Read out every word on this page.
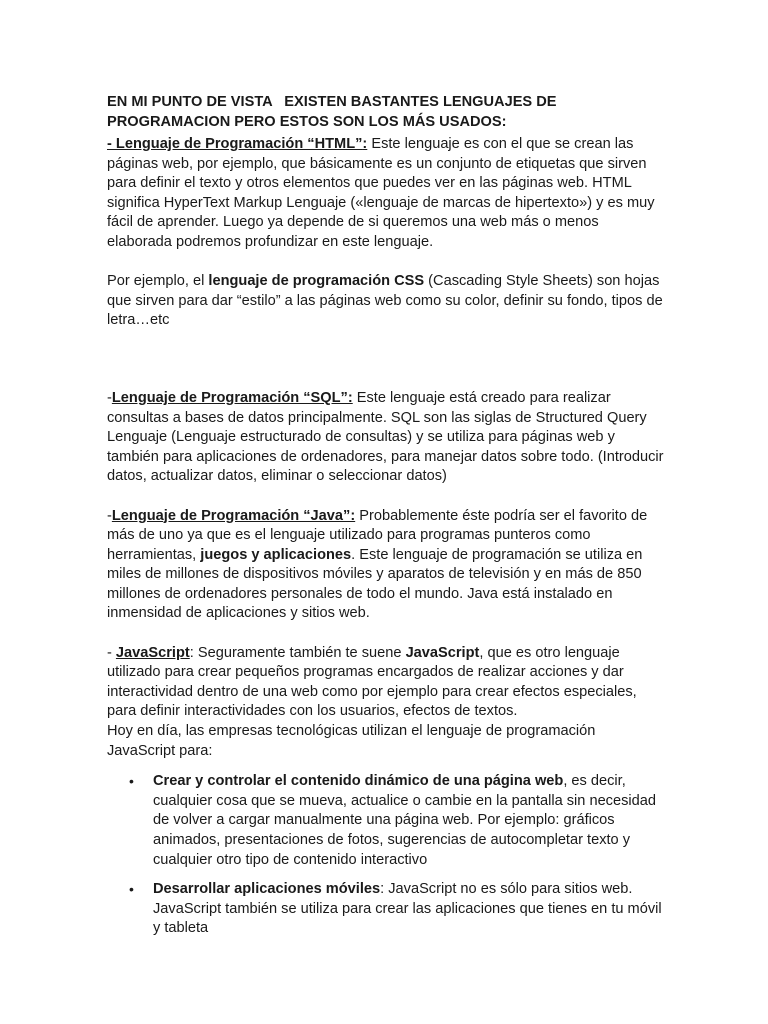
EN MI PUNTO DE VISTA   EXISTEN BASTANTES LENGUAJES DE
PROGRAMACION PERO ESTOS SON LOS MÁS USADOS:

- Lenguaje de Programación “HTML”: Este lenguaje es con el que se crean las páginas web, por ejemplo, que básicamente es un conjunto de etiquetas que sirven para definir el texto y otros elementos que puedes ver en las páginas web. HTML significa HyperText Markup Lenguaje («lenguaje de marcas de hipertexto») y es muy fácil de aprender. Luego ya depende de si queremos una web más o menos elaborada podremos profundizar en este lenguaje.

Por ejemplo, el lenguaje de programación CSS (Cascading Style Sheets) son hojas que sirven para dar “estilo” a las páginas web como su color, definir su fondo, tipos de letra…etc

-Lenguaje de Programación “SQL”: Este lenguaje está creado para realizar consultas a bases de datos principalmente. SQL son las siglas de Structured Query Lenguaje (Lenguaje estructurado de consultas) y se utiliza para páginas web y también para aplicaciones de ordenadores, para manejar datos sobre todo. (Introducir datos, actualizar datos, eliminar o seleccionar datos)

-Lenguaje de Programación “Java”: Probablemente éste podría ser el favorito de más de uno ya que es el lenguaje utilizado para programas punteros como herramientas, juegos y aplicaciones. Este lenguaje de programación se utiliza en miles de millones de dispositivos móviles y aparatos de televisión y en más de 850 millones de ordenadores personales de todo el mundo. Java está instalado en inmensidad de aplicaciones y sitios web.

- JavaScript: Seguramente también te suene JavaScript, que es otro lenguaje utilizado para crear pequeños programas encargados de realizar acciones y dar interactividad dentro de una web como por ejemplo para crear efectos especiales, para definir interactividades con los usuarios, efectos de textos.

Hoy en día, las empresas tecnológicas utilizan el lenguaje de programación JavaScript para:

• Crear y controlar el contenido dinámico de una página web, es decir, cualquier cosa que se mueva, actualice o cambie en la pantalla sin necesidad de volver a cargar manualmente una página web. Por ejemplo: gráficos animados, presentaciones de fotos, sugerencias de autocompletar texto y cualquier otro tipo de contenido interactivo
• Desarrollar aplicaciones móviles: JavaScript no es sólo para sitios web. JavaScript también se utiliza para crear las aplicaciones que tienes en tu móvil y tableta
